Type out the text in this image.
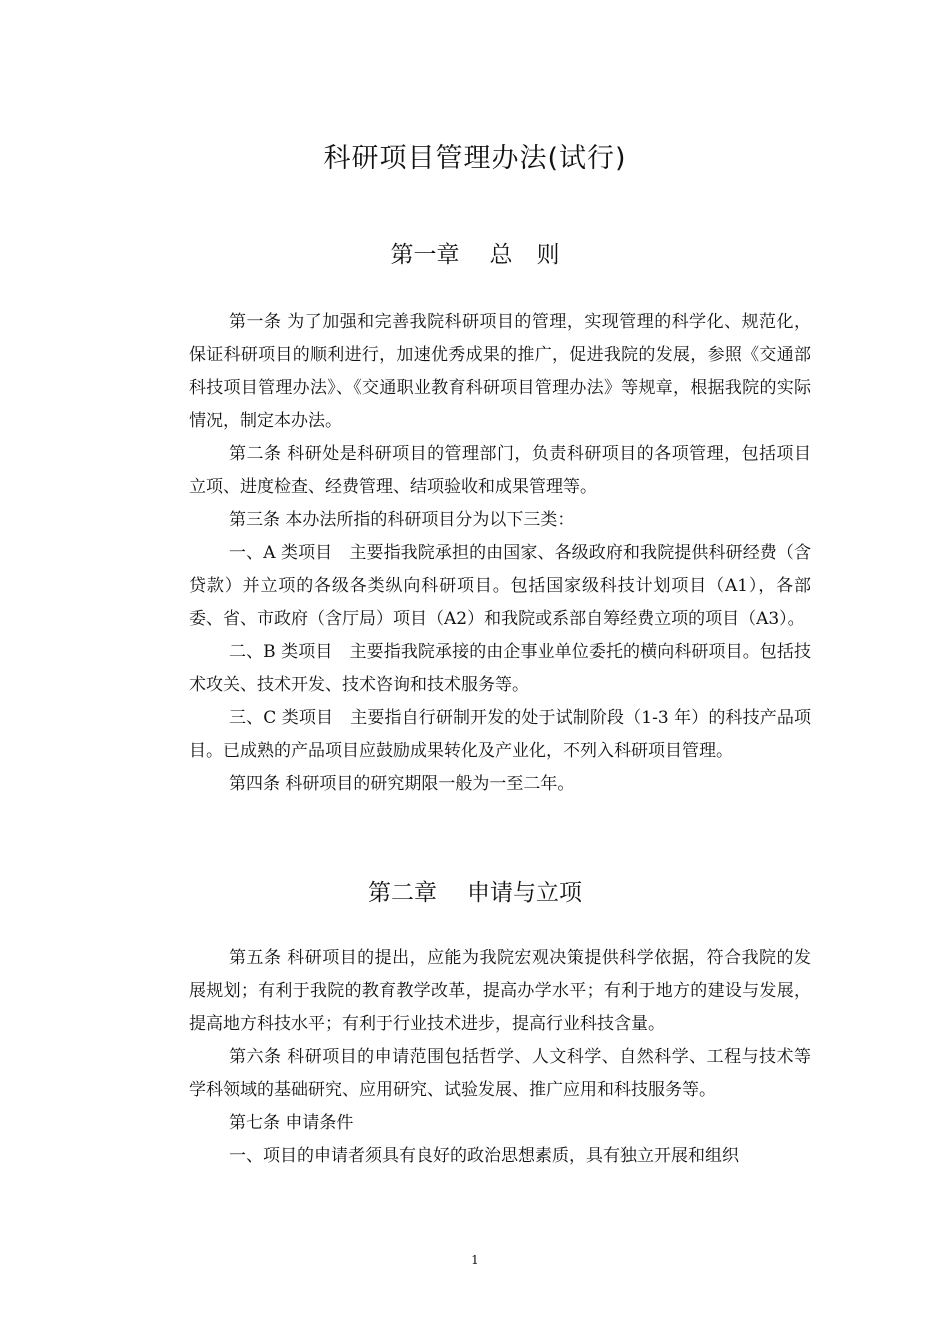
科研项目管理办法(试行)
第一章 总则

第一条 为了加强和完善我院科研项目的管理，实现管理的科学化、规范化，保证科研项目的顺利进行，加速优秀成果的推广，促进我院的发展，参照《交通部科技项目管理办法》、《交通职业教育科研项目管理办法》等规章，根据我院的实际情况，制定本办法。

第二条 科研处是科研项目的管理部门，负责科研项目的各项管理，包括项目立项、进度检查、经费管理、结项验收和成果管理等。

第三条 本办法所指的科研项目分为以下三类：

一、A 类项目　主要指我院承担的由国家、各级政府和我院提供科研经费（含贷款）并立项的各级各类纵向科研项目。包括国家级科技计划项目（A1），各部委、省、市政府（含厅局）项目（A2）和我院或系部自筹经费立项的项目（A3）。

二、B 类项目　主要指我院承接的由企事业单位委托的横向科研项目。包括技术攻关、技术开发、技术咨询和技术服务等。

三、C 类项目　主要指自行研制开发的处于试制阶段（1-3 年）的科技产品项目。已成熟的产品项目应鼓励成果转化及产业化，不列入科研项目管理。

第四条 科研项目的研究期限一般为一至二年。

第二章 申请与立项

第五条 科研项目的提出，应能为我院宏观决策提供科学依据，符合我院的发展规划；有利于我院的教育教学改革，提高办学水平；有利于地方的建设与发展，提高地方科技水平；有利于行业技术进步，提高行业科技含量。

第六条 科研项目的申请范围包括哲学、人文科学、自然科学、工程与技术等学科领域的基础研究、应用研究、试验发展、推广应用和科技服务等。

第七条 申请条件

一、项目的申请者须具有良好的政治思想素质，具有独立开展和组织

1
